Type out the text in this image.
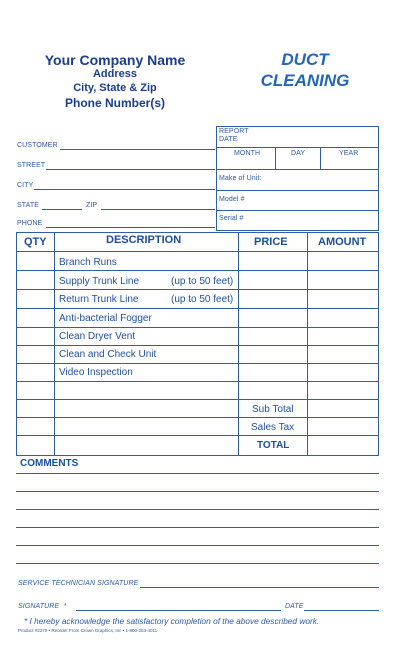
Your Company Name
Address
City, State & Zip
Phone Number(s)
DUCT
CLEANING
CUSTOMER
STREET
CITY
STATE	ZIP
PHONE
REPORT DATE
MONTH	DAY	YEAR
Make of Unit:
Model #
Serial #
QTY	DESCRIPTION	PRICE	AMOUNT
Branch Runs
Supply Trunk Line	(up to 50 feet)
Return Trunk Line	(up to 50 feet)
Anti-bacterial Fogger
Clean Dryer Vent
Clean and Check Unit
Video Inspection
Sub Total
Sales Tax
TOTAL
COMMENTS
SERVICE TECHNICIAN SIGNATURE
SIGNATURE *	DATE
* I hereby acknowledge the satisfactory completion of the above described work.
Product #2270 • Reorder From Crown Graphics, Inc • 1-800-253-4011
